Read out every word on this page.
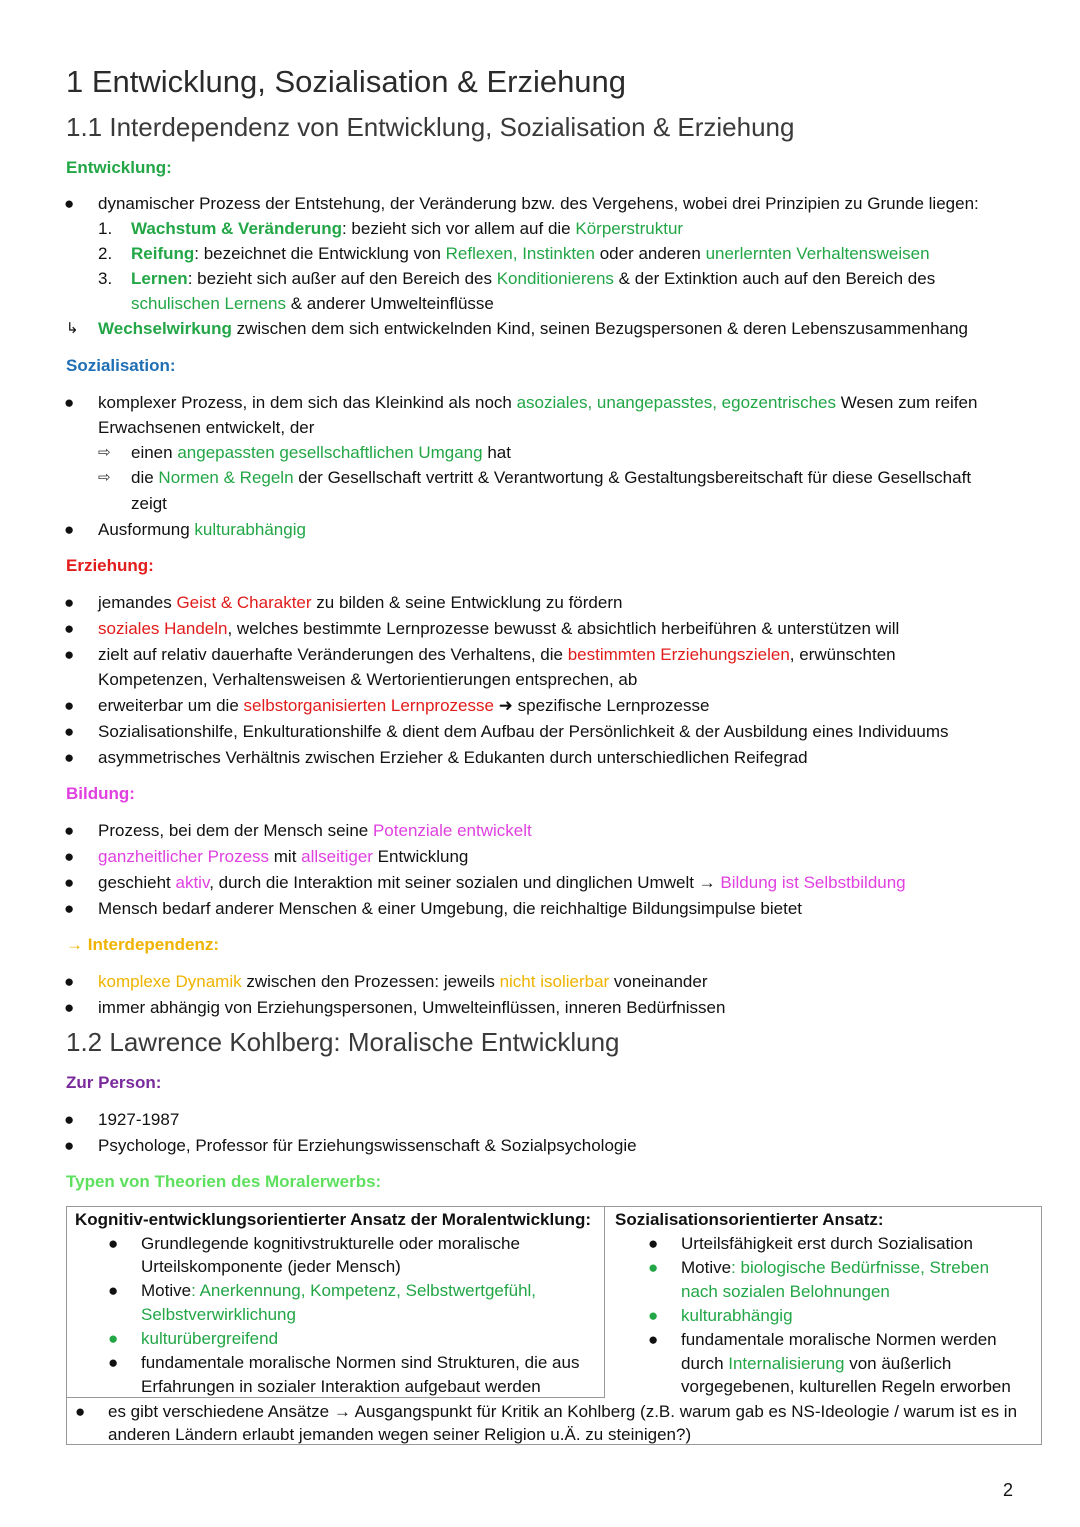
1 Entwicklung, Sozialisation & Erziehung
1.1 Interdependenz von Entwicklung, Sozialisation & Erziehung
Entwicklung:
● dynamischer Prozess der Entstehung, der Veränderung bzw. des Vergehens, wobei drei Prinzipien zu Grunde liegen:
1. Wachstum & Veränderung: bezieht sich vor allem auf die Körperstruktur
2. Reifung: bezeichnet die Entwicklung von Reflexen, Instinkten oder anderen unerlernten Verhaltensweisen
3. Lernen: bezieht sich außer auf den Bereich des Konditionierens & der Extinktion auch auf den Bereich des
schulischen Lernens & anderer Umwelteinflüsse
↳ Wechselwirkung zwischen dem sich entwickelnden Kind, seinen Bezugspersonen & deren Lebenszusammenhang
Sozialisation:
● komplexer Prozess, in dem sich das Kleinkind als noch asoziales, unangepasstes, egozentrisches Wesen zum reifen
Erwachsenen entwickelt, der
⇨ einen angepassten gesellschaftlichen Umgang hat
⇨ die Normen & Regeln der Gesellschaft vertritt & Verantwortung & Gestaltungsbereitschaft für diese Gesellschaft
zeigt
● Ausformung kulturabhängig
Erziehung:
● jemandes Geist & Charakter zu bilden & seine Entwicklung zu fördern
● soziales Handeln, welches bestimmte Lernprozesse bewusst & absichtlich herbeiführen & unterstützen will
● zielt auf relativ dauerhafte Veränderungen des Verhaltens, die bestimmten Erziehungszielen, erwünschten
Kompetenzen, Verhaltensweisen & Wertorientierungen entsprechen, ab
● erweiterbar um die selbstorganisierten Lernprozesse ➜ spezifische Lernprozesse
● Sozialisationshilfe, Enkulturationshilfe & dient dem Aufbau der Persönlichkeit & der Ausbildung eines Individuums
● asymmetrisches Verhältnis zwischen Erzieher & Edukanten durch unterschiedlichen Reifegrad
Bildung:
● Prozess, bei dem der Mensch seine Potenziale entwickelt
● ganzheitlicher Prozess mit allseitiger Entwicklung
● geschieht aktiv, durch die Interaktion mit seiner sozialen und dinglichen Umwelt → Bildung ist Selbstbildung
● Mensch bedarf anderer Menschen & einer Umgebung, die reichhaltige Bildungsimpulse bietet
→ Interdependenz:
● komplexe Dynamik zwischen den Prozessen: jeweils nicht isolierbar voneinander
● immer abhängig von Erziehungspersonen, Umwelteinflüssen, inneren Bedürfnissen
1.2 Lawrence Kohlberg: Moralische Entwicklung
Zur Person:
● 1927-1987
● Psychologe, Professor für Erziehungswissenschaft & Sozialpsychologie
Typen von Theorien des Moralerwerbs:
Kognitiv-entwicklungsorientierter Ansatz der Moralentwicklung:
● Grundlegende kognitivstrukturelle oder moralische
Urteilskomponente (jeder Mensch)
● Motive: Anerkennung, Kompetenz, Selbstwertgefühl,
Selbstverwirklichung
● kulturübergreifend
● fundamentale moralische Normen sind Strukturen, die aus
Erfahrungen in sozialer Interaktion aufgebaut werden
Sozialisationsorientierter Ansatz:
● Urteilsfähigkeit erst durch Sozialisation
● Motive: biologische Bedürfnisse, Streben
nach sozialen Belohnungen
● kulturabhängig
● fundamentale moralische Normen werden
durch Internalisierung von äußerlich
vorgegebenen, kulturellen Regeln erworben
● es gibt verschiedene Ansätze → Ausgangspunkt für Kritik an Kohlberg (z.B. warum gab es NS-Ideologie / warum ist es in
anderen Ländern erlaubt jemanden wegen seiner Religion u.Ä. zu steinigen?)
2
